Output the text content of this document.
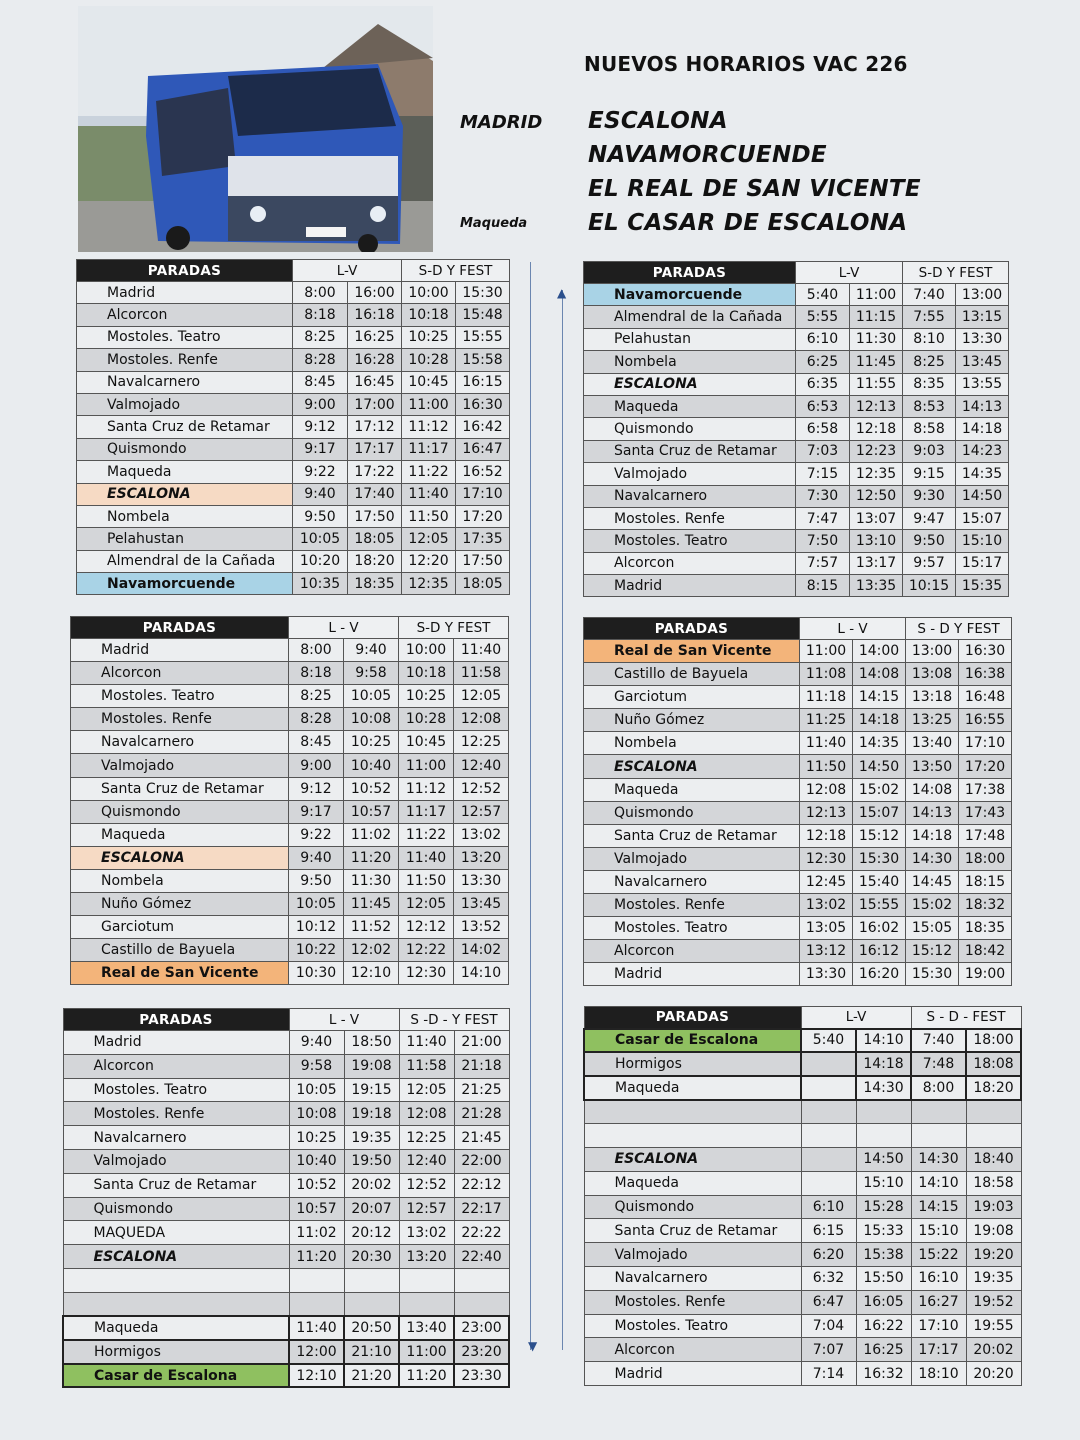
NUEVOS HORARIOS VAC 226
MADRID
Maqueda
ESCALONA
NAVAMORCUENDE
EL REAL DE SAN VICENTE
EL CASAR DE ESCALONA
▲
▼
PARADAS	L-V		S-D Y FEST	
Madrid	8:00	16:00	10:00	15:30
Alcorcon	8:18	16:18	10:18	15:48
Mostoles. Teatro	8:25	16:25	10:25	15:55
Mostoles. Renfe	8:28	16:28	10:28	15:58
Navalcarnero	8:45	16:45	10:45	16:15
Valmojado	9:00	17:00	11:00	16:30
Santa Cruz de Retamar	9:12	17:12	11:12	16:42
Quismondo	9:17	17:17	11:17	16:47
Maqueda	9:22	17:22	11:22	16:52
ESCALONA	9:40	17:40	11:40	17:10
Nombela	9:50	17:50	11:50	17:20
Pelahustan	10:05	18:05	12:05	17:35
Almendral de la Cañada	10:20	18:20	12:20	17:50
Navamorcuende	10:35	18:35	12:35	18:05
PARADAS	L-V		S-D Y FEST	
Navamorcuende	5:40	11:00	7:40	13:00
Almendral de la Cañada	5:55	11:15	7:55	13:15
Pelahustan	6:10	11:30	8:10	13:30
Nombela	6:25	11:45	8:25	13:45
ESCALONA	6:35	11:55	8:35	13:55
Maqueda	6:53	12:13	8:53	14:13
Quismondo	6:58	12:18	8:58	14:18
Santa Cruz de Retamar	7:03	12:23	9:03	14:23
Valmojado	7:15	12:35	9:15	14:35
Navalcarnero	7:30	12:50	9:30	14:50
Mostoles. Renfe	7:47	13:07	9:47	15:07
Mostoles. Teatro	7:50	13:10	9:50	15:10
Alcorcon	7:57	13:17	9:57	15:17
Madrid	8:15	13:35	10:15	15:35
PARADAS	L - V		S-D Y FEST	
Madrid	8:00	9:40	10:00	11:40
Alcorcon	8:18	9:58	10:18	11:58
Mostoles. Teatro	8:25	10:05	10:25	12:05
Mostoles. Renfe	8:28	10:08	10:28	12:08
Navalcarnero	8:45	10:25	10:45	12:25
Valmojado	9:00	10:40	11:00	12:40
Santa Cruz de Retamar	9:12	10:52	11:12	12:52
Quismondo	9:17	10:57	11:17	12:57
Maqueda	9:22	11:02	11:22	13:02
ESCALONA	9:40	11:20	11:40	13:20
Nombela	9:50	11:30	11:50	13:30
Nuño Gómez	10:05	11:45	12:05	13:45
Garciotum	10:12	11:52	12:12	13:52
Castillo de Bayuela	10:22	12:02	12:22	14:02
Real de San Vicente	10:30	12:10	12:30	14:10
PARADAS	L - V		S - D Y FEST	
Real de San Vicente	11:00	14:00	13:00	16:30
Castillo de Bayuela	11:08	14:08	13:08	16:38
Garciotum	11:18	14:15	13:18	16:48
Nuño Gómez	11:25	14:18	13:25	16:55
Nombela	11:40	14:35	13:40	17:10
ESCALONA	11:50	14:50	13:50	17:20
Maqueda	12:08	15:02	14:08	17:38
Quismondo	12:13	15:07	14:13	17:43
Santa Cruz de Retamar	12:18	15:12	14:18	17:48
Valmojado	12:30	15:30	14:30	18:00
Navalcarnero	12:45	15:40	14:45	18:15
Mostoles. Renfe	13:02	15:55	15:02	18:32
Mostoles. Teatro	13:05	16:02	15:05	18:35
Alcorcon	13:12	16:12	15:12	18:42
Madrid	13:30	16:20	15:30	19:00
PARADAS	L - V		S -D - Y FEST	
Madrid	9:40	18:50	11:40	21:00
Alcorcon	9:58	19:08	11:58	21:18
Mostoles. Teatro	10:05	19:15	12:05	21:25
Mostoles. Renfe	10:08	19:18	12:08	21:28
Navalcarnero	10:25	19:35	12:25	21:45
Valmojado	10:40	19:50	12:40	22:00
Santa Cruz de Retamar	10:52	20:02	12:52	22:12
Quismondo	10:57	20:07	12:57	22:17
MAQUEDA	11:02	20:12	13:02	22:22
ESCALONA	11:20	20:30	13:20	22:40

Maqueda	11:40	20:50	13:40	23:00
Hormigos	12:00	21:10	11:00	23:20
Casar de Escalona	12:10	21:20	11:20	23:30
PARADAS	L-V		S - D - FEST	
Casar de Escalona	5:40	14:10	7:40	18:00
Hormigos		14:18	7:48	18:08
Maqueda		14:30	8:00	18:20

ESCALONA		14:50	14:30	18:40
Maqueda		15:10	14:10	18:58
Quismondo	6:10	15:28	14:15	19:03
Santa Cruz de Retamar	6:15	15:33	15:10	19:08
Valmojado	6:20	15:38	15:22	19:20
Navalcarnero	6:32	15:50	16:10	19:35
Mostoles. Renfe	6:47	16:05	16:27	19:52
Mostoles. Teatro	7:04	16:22	17:10	19:55
Alcorcon	7:07	16:25	17:17	20:02
Madrid	7:14	16:32	18:10	20:20
